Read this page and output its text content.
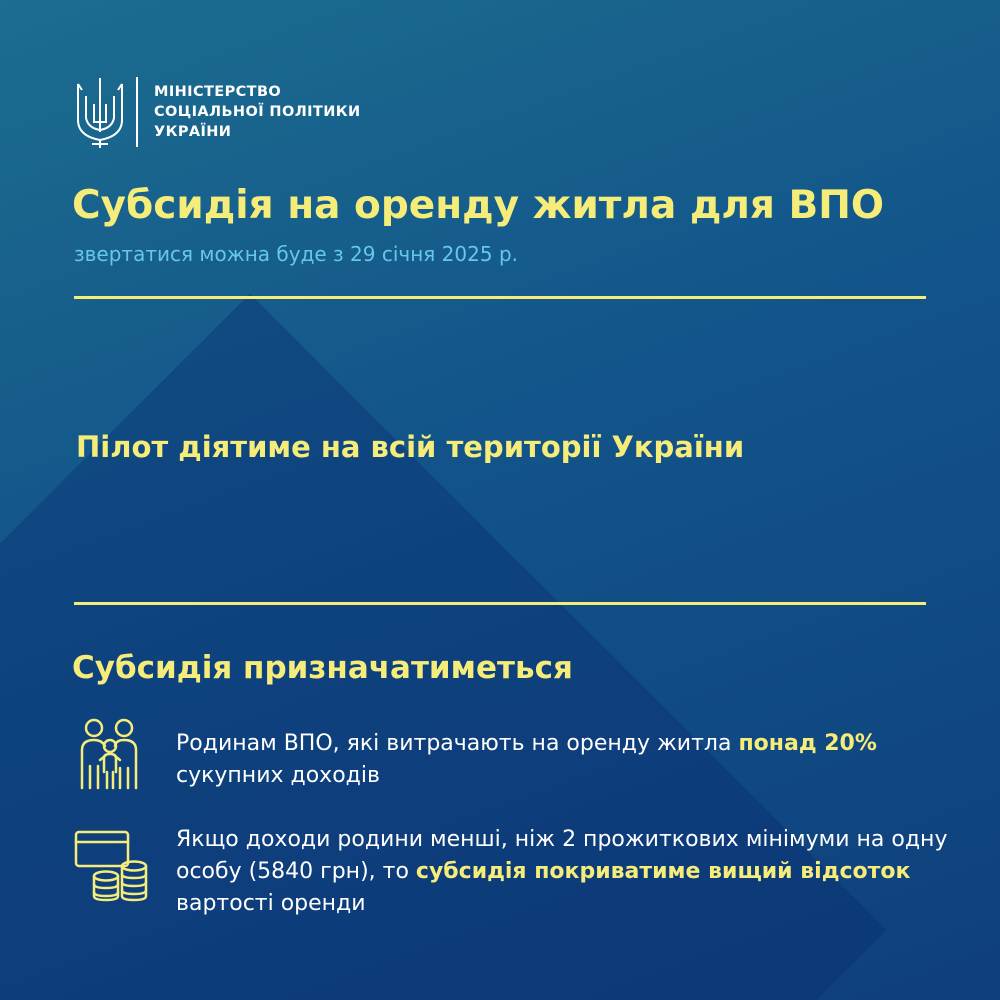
МІНІСТЕРСТВО
СОЦІАЛЬНОЇ ПОЛІТИКИ
УКРАЇНИ
Субсидія на оренду житла для ВПО
звертатися можна буде з 29 січня 2025 р.
Пілот діятиме на всій території України
Субсидія призначатиметься
Родинам ВПО, які витрачають на оренду житла понад 20% сукупних доходів
Якщо доходи родини менші, ніж 2 прожиткових мінімуми на одну особу (5840 грн), то субсидія покриватиме вищий відсоток вартості оренди
